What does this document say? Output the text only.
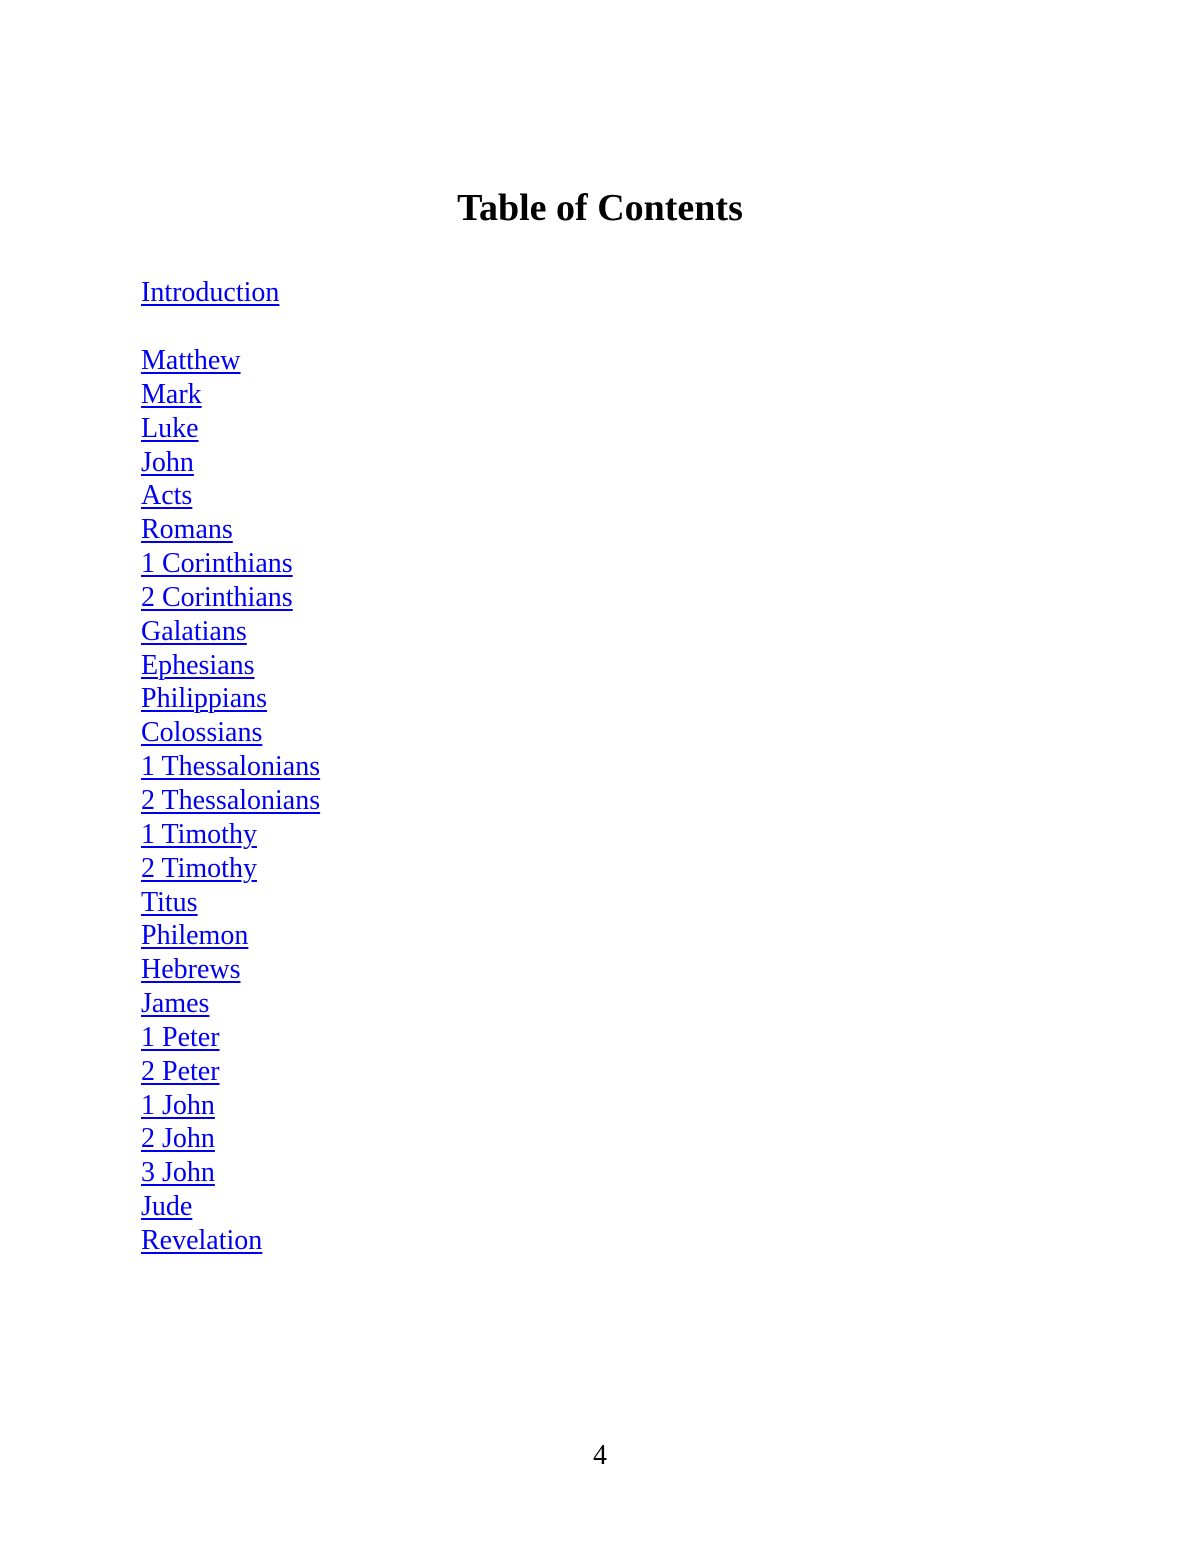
Table of Contents
Introduction
Matthew
Mark
Luke
John
Acts
Romans
1 Corinthians
2 Corinthians
Galatians
Ephesians
Philippians
Colossians
1 Thessalonians
2 Thessalonians
1 Timothy
2 Timothy
Titus
Philemon
Hebrews
James
1 Peter
2 Peter
1 John
2 John
3 John
Jude
Revelation

4
